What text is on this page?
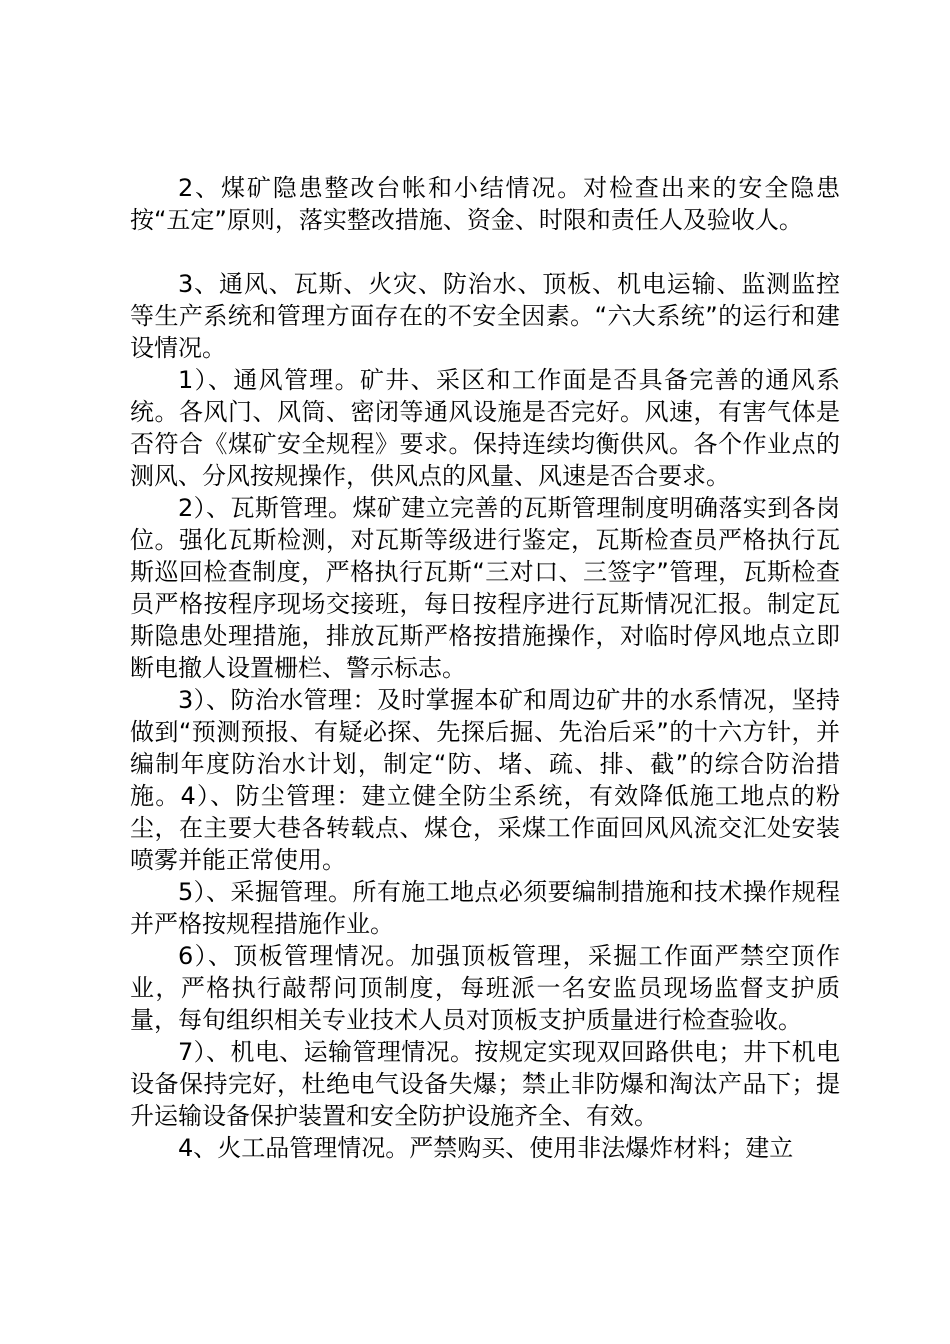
2、煤矿隐患整改台帐和小结情况。对检查出来的安全隐患按“五定”原则，落实整改措施、资金、时限和责任人及验收人。

3、通风、瓦斯、火灾、防治水、顶板、机电运输、监测监控等生产系统和管理方面存在的不安全因素。“六大系统”的运行和建设情况。

1）、通风管理。矿井、采区和工作面是否具备完善的通风系统。各风门、风筒、密闭等通风设施是否完好。风速，有害气体是否符合《煤矿安全规程》要求。保持连续均衡供风。各个作业点的测风、分风按规操作，供风点的风量、风速是否合要求。

2）、瓦斯管理。煤矿建立完善的瓦斯管理制度明确落实到各岗位。强化瓦斯检测，对瓦斯等级进行鉴定，瓦斯检查员严格执行瓦斯巡回检查制度，严格执行瓦斯“三对口、三签字”管理，瓦斯检查员严格按程序现场交接班，每日按程序进行瓦斯情况汇报。制定瓦斯隐患处理措施，排放瓦斯严格按措施操作，对临时停风地点立即断电撤人设置栅栏、警示标志。

3）、防治水管理：及时掌握本矿和周边矿井的水系情况，坚持做到“预测预报、有疑必探、先探后掘、先治后采”的十六方针，并编制年度防治水计划，制定“防、堵、疏、排、截”的综合防治措施。4）、防尘管理：建立健全防尘系统，有效降低施工地点的粉尘，在主要大巷各转载点、煤仓，采煤工作面回风风流交汇处安装喷雾并能正常使用。

5）、采掘管理。所有施工地点必须要编制措施和技术操作规程并严格按规程措施作业。

6）、顶板管理情况。加强顶板管理，采掘工作面严禁空顶作业，严格执行敲帮问顶制度，每班派一名安监员现场监督支护质量，每旬组织相关专业技术人员对顶板支护质量进行检查验收。

7）、机电、运输管理情况。按规定实现双回路供电；井下机电设备保持完好，杜绝电气设备失爆；禁止非防爆和淘汰产品下；提升运输设备保护装置和安全防护设施齐全、有效。

4、火工品管理情况。严禁购买、使用非法爆炸材料；建立
